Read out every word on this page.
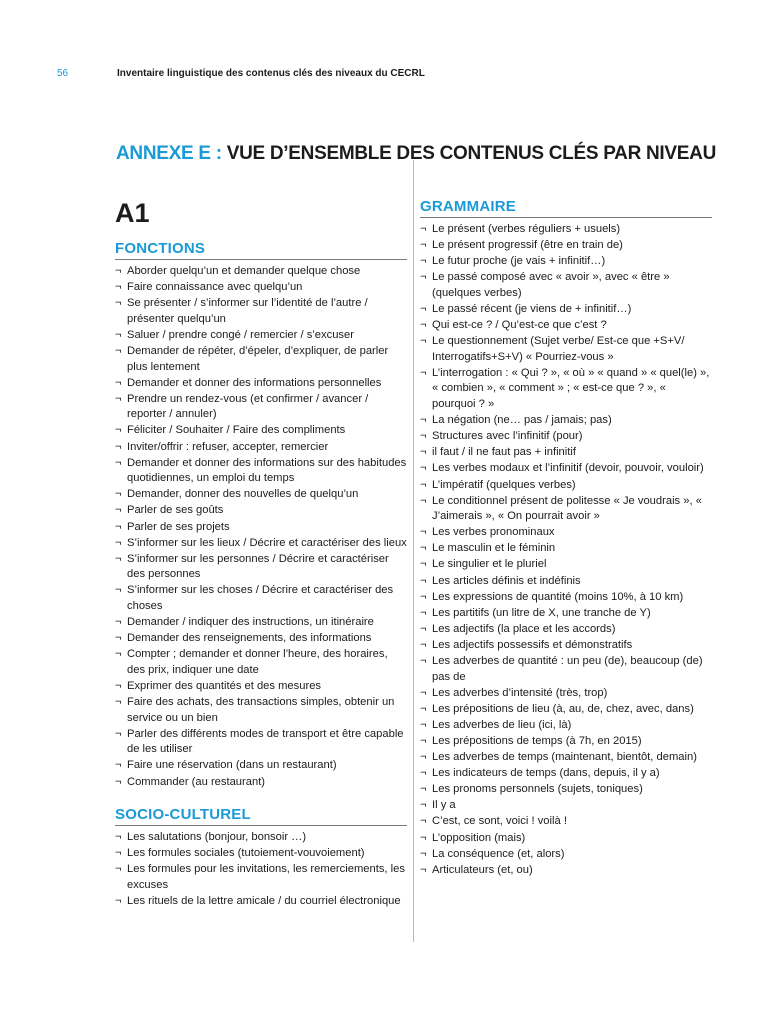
56	Inventaire linguistique des contenus clés des niveaux du CECRL
ANNEXE E : VUE D’ENSEMBLE DES CONTENUS CLÉS PAR NIVEAU
A1
FONCTIONS
¬ Aborder quelqu’un et demander quelque chose
¬ Faire connaissance avec quelqu’un
¬ Se présenter / s’informer sur l’identité de l’autre / présenter quelqu’un
¬ Saluer / prendre congé / remercier / s’excuser
¬ Demander de répéter, d’épeler, d’expliquer, de parler plus lentement
¬ Demander et donner des informations personnelles
¬ Prendre un rendez-vous (et confirmer / avancer / reporter / annuler)
¬ Féliciter / Souhaiter / Faire des compliments
¬ Inviter/offrir : refuser, accepter, remercier
¬ Demander et donner des informations sur des habitudes quotidiennes, un emploi du temps
¬ Demander, donner des nouvelles de quelqu’un
¬ Parler de ses goûts
¬ Parler de ses projets
¬ S’informer sur les lieux / Décrire et caractériser des lieux
¬ S’informer sur les personnes / Décrire et caractériser des personnes
¬ S’informer sur les choses / Décrire et caractériser des choses
¬ Demander / indiquer des instructions, un itinéraire
¬ Demander des renseignements, des informations
¬ Compter ; demander et donner l’heure, des horaires, des prix, indiquer une date
¬ Exprimer des quantités et des mesures
¬ Faire des achats, des transactions simples, obtenir un service ou un bien
¬ Parler des différents modes de transport et être capable de les utiliser
¬ Faire une réservation (dans un restaurant)
¬ Commander (au restaurant)
SOCIO-CULTUREL
¬ Les salutations (bonjour, bonsoir …)
¬ Les formules sociales (tutoiement-vouvoiement)
¬ Les formules pour les invitations, les remerciements, les excuses
¬ Les rituels de la lettre amicale / du courriel électronique
GRAMMAIRE
¬ Le présent (verbes réguliers + usuels)
¬ Le présent progressif (être en train de)
¬ Le futur proche (je vais + infinitif…)
¬ Le passé composé avec « avoir », avec « être » (quelques verbes)
¬ Le passé récent (je viens de + infinitif…)
¬ Qui est-ce ? / Qu’est-ce que c’est ?
¬ Le questionnement (Sujet verbe/ Est-ce que +S+V/ Interrogatifs+S+V) « Pourriez-vous »
¬ L’interrogation : « Qui ? », « où » « quand » « quel(le) », « combien », « comment » ; « est-ce que ? », « pourquoi ? »
¬ La négation (ne… pas / jamais; pas)
¬ Structures avec l’infinitif (pour)
¬ il faut / il ne faut pas + infinitif
¬ Les verbes modaux et l’infinitif (devoir, pouvoir, vouloir)
¬ L’impératif (quelques verbes)
¬ Le conditionnel présent de politesse « Je voudrais », « J’aimerais », « On pourrait avoir »
¬ Les verbes pronominaux
¬ Le masculin et le féminin
¬ Le singulier et le pluriel
¬ Les articles définis et indéfinis
¬ Les expressions de quantité (moins 10%, à 10 km)
¬ Les partitifs (un litre de X, une tranche de Y)
¬ Les adjectifs (la place et les accords)
¬ Les adjectifs possessifs et démonstratifs
¬ Les adverbes de quantité : un peu (de), beaucoup (de) pas de
¬ Les adverbes d’intensité (très, trop)
¬ Les prépositions de lieu (à, au, de, chez, avec, dans)
¬ Les adverbes de lieu (ici, là)
¬ Les prépositions de temps (à 7h, en 2015)
¬ Les adverbes de temps (maintenant, bientôt, demain)
¬ Les indicateurs de temps (dans, depuis, il y a)
¬ Les pronoms personnels (sujets, toniques)
¬ Il y a
¬ C’est, ce sont, voici ! voilà !
¬ L’opposition (mais)
¬ La conséquence (et, alors)
¬ Articulateurs (et, ou)
